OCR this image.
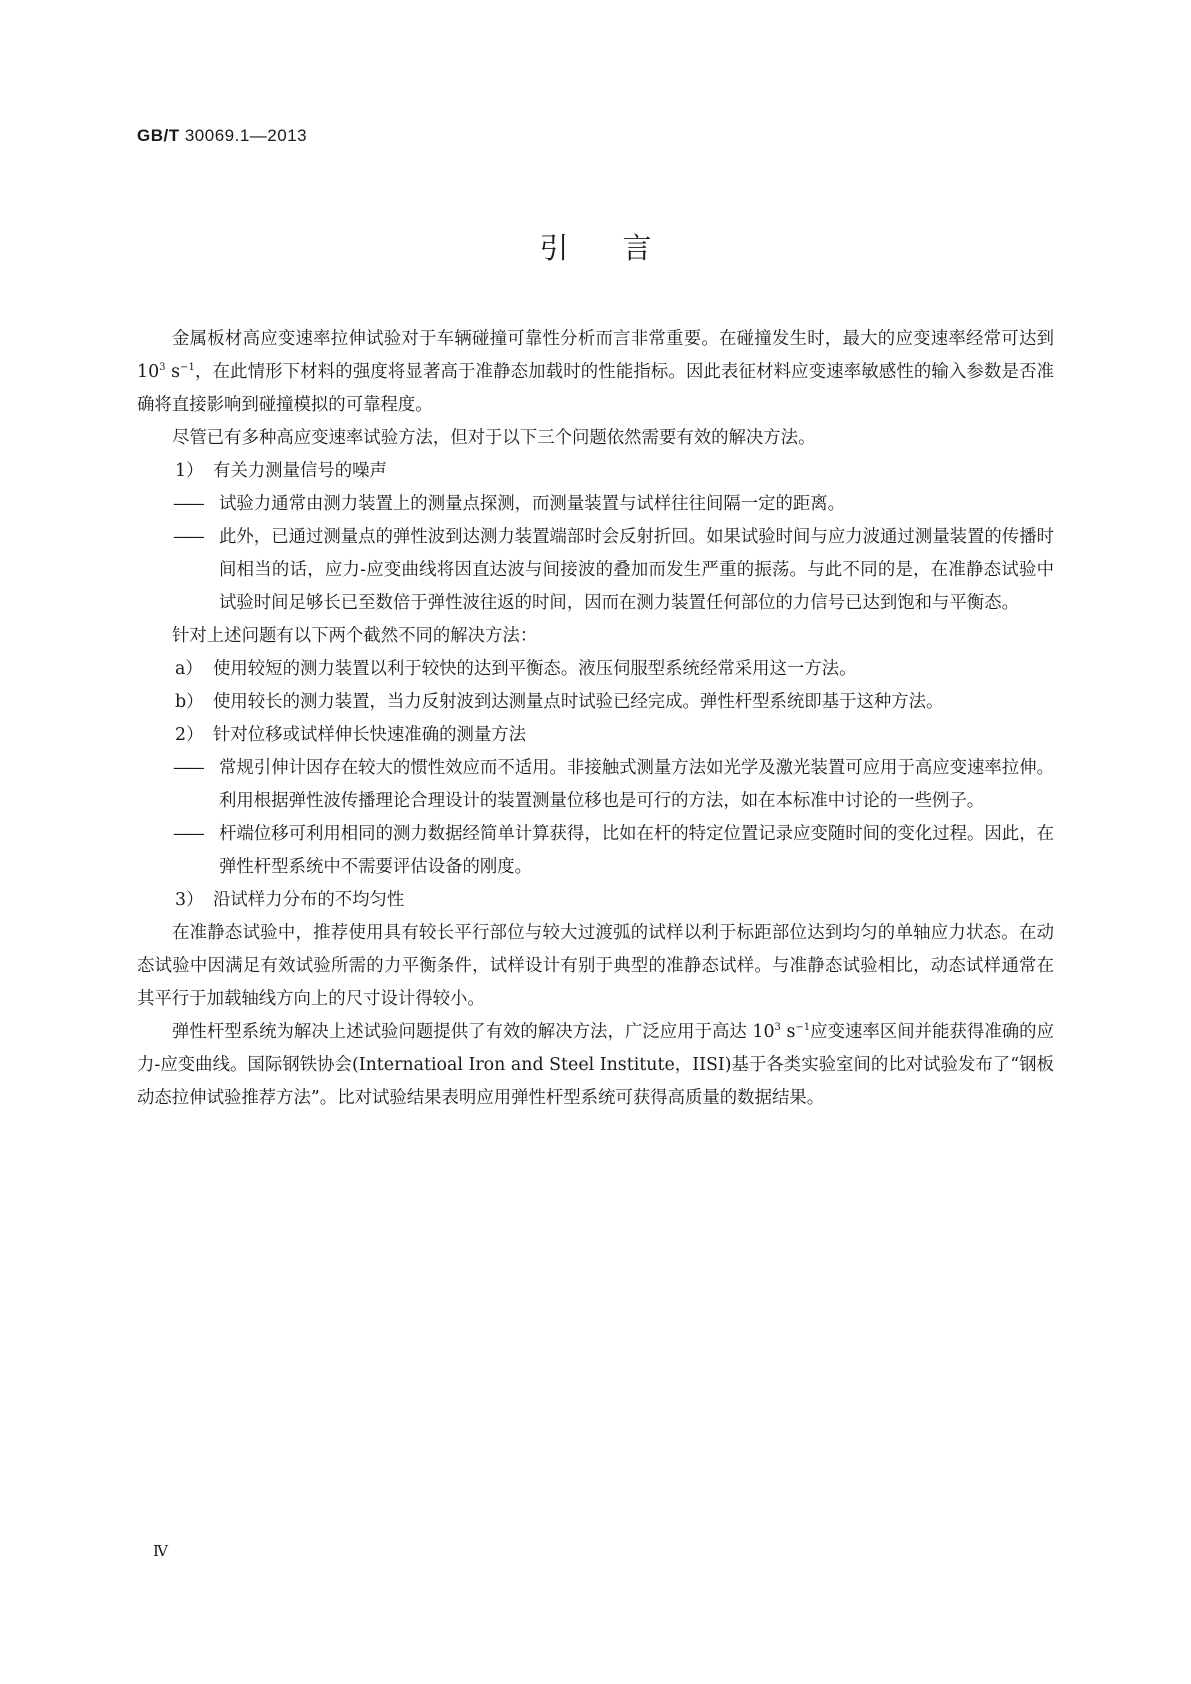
GB/T 30069.1—2013
引言

金属板材高应变速率拉伸试验对于车辆碰撞可靠性分析而言非常重要。在碰撞发生时，最大的应变速率经常可达到 $10^3$ $s^{-1}$，在此情形下材料的强度将显著高于准静态加载时的性能指标。因此表征材料应变速率敏感性的输入参数是否准确将直接影响到碰撞模拟的可靠程度。

尽管已有多种高应变速率试验方法，但对于以下三个问题依然需要有效的解决方法。

1） 有关力测量信号的噪声

—— 试验力通常由测力装置上的测量点探测，而测量装置与试样往往间隔一定的距离。

—— 此外，已通过测量点的弹性波到达测力装置端部时会反射折回。如果试验时间与应力波通过测量装置的传播时间相当的话，应力-应变曲线将因直达波与间接波的叠加而发生严重的振荡。与此不同的是，在准静态试验中试验时间足够长已至数倍于弹性波往返的时间，因而在测力装置任何部位的力信号已达到饱和与平衡态。

针对上述问题有以下两个截然不同的解决方法：

a） 使用较短的测力装置以利于较快的达到平衡态。液压伺服型系统经常采用这一方法。

b） 使用较长的测力装置，当力反射波到达测量点时试验已经完成。弹性杆型系统即基于这种方法。

2） 针对位移或试样伸长快速准确的测量方法

—— 常规引伸计因存在较大的惯性效应而不适用。非接触式测量方法如光学及激光装置可应用于高应变速率拉伸。利用根据弹性波传播理论合理设计的装置测量位移也是可行的方法，如在本标准中讨论的一些例子。

—— 杆端位移可利用相同的测力数据经简单计算获得，比如在杆的特定位置记录应变随时间的变化过程。因此，在弹性杆型系统中不需要评估设备的刚度。

3） 沿试样力分布的不均匀性

在准静态试验中，推荐使用具有较长平行部位与较大过渡弧的试样以利于标距部位达到均匀的单轴应力状态。在动态试验中因满足有效试验所需的力平衡条件，试样设计有别于典型的准静态试样。与准静态试验相比，动态试样通常在其平行于加载轴线方向上的尺寸设计得较小。

弹性杆型系统为解决上述试验问题提供了有效的解决方法，广泛应用于高达 $10^3$ $s^{-1}$应变速率区间并能获得准确的应力-应变曲线。国际钢铁协会(Internatioal Iron and Steel Institute，IISI)基于各类实验室间的比对试验发布了“钢板动态拉伸试验推荐方法”。比对试验结果表明应用弹性杆型系统可获得高质量的数据结果。

Ⅳ
